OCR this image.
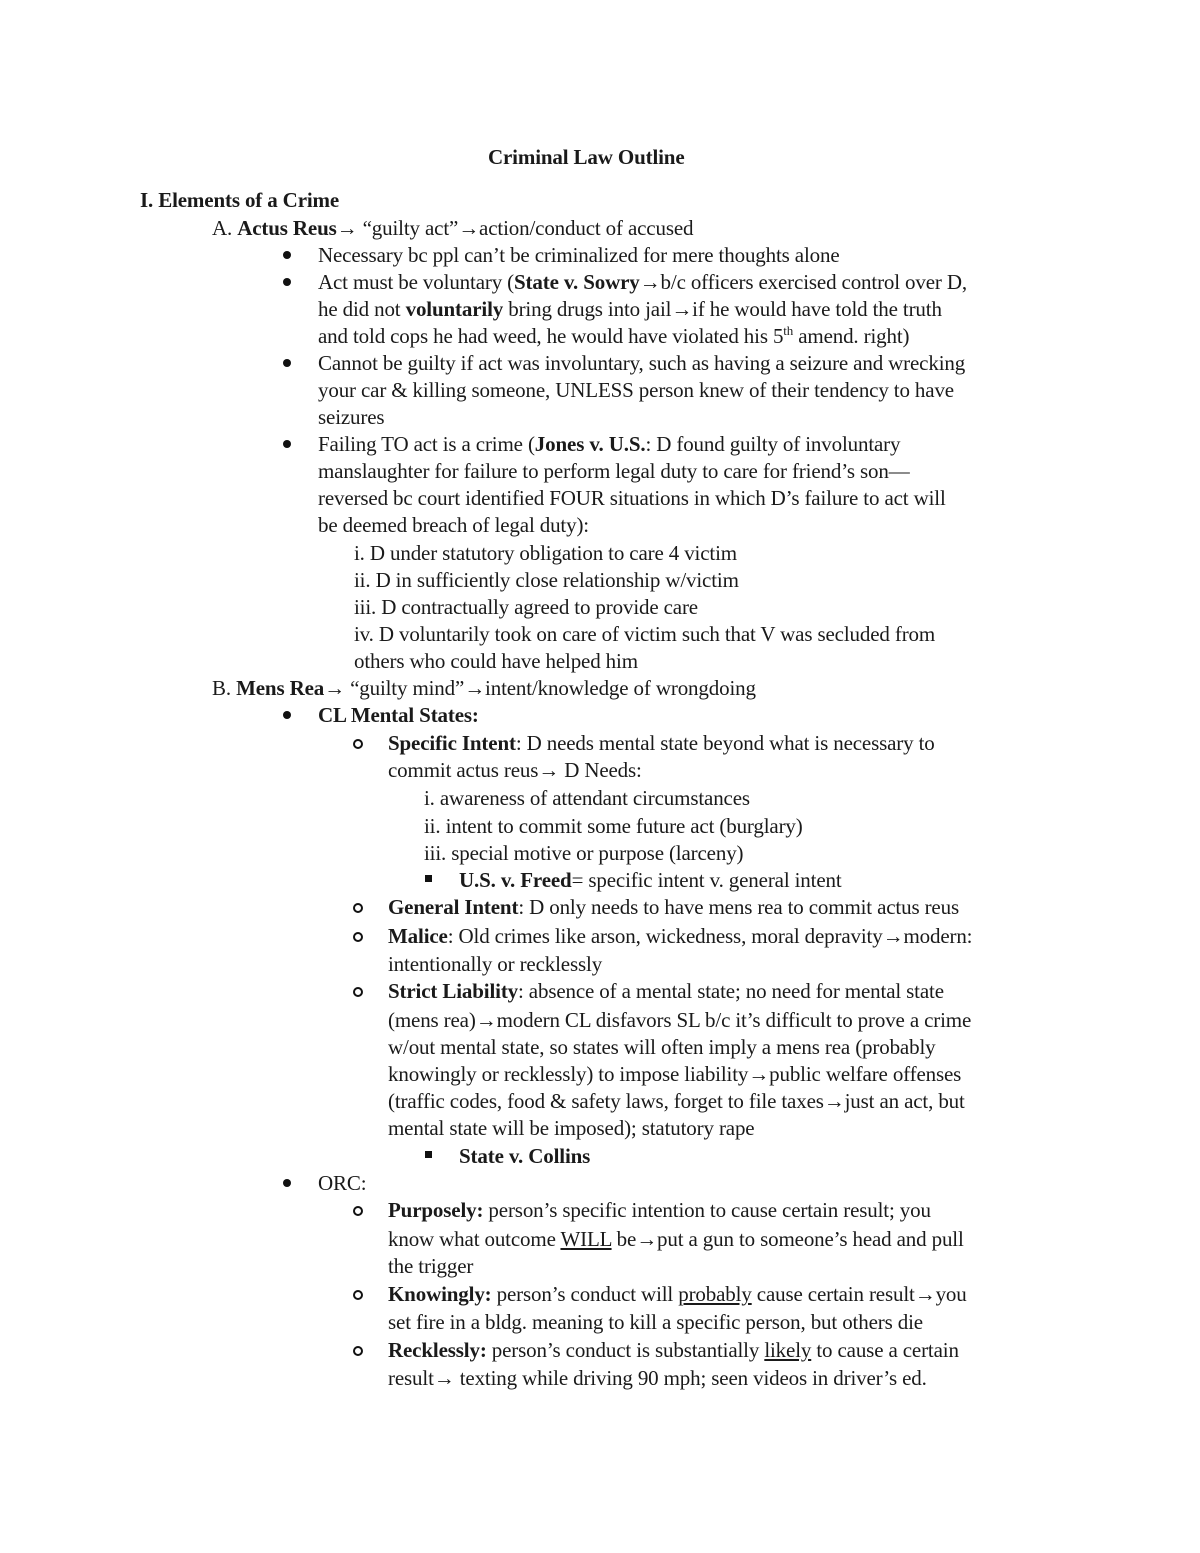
Criminal Law Outline
I. Elements of a Crime
A. Actus Reus→ “guilty act”→action/conduct of accused
Necessary bc ppl can’t be criminalized for mere thoughts alone
Act must be voluntary (State v. Sowry→b/c officers exercised control over D,
he did not voluntarily bring drugs into jail→if he would have told the truth
and told cops he had weed, he would have violated his 5th amend. right)
Cannot be guilty if act was involuntary, such as having a seizure and wrecking
your car & killing someone, UNLESS person knew of their tendency to have
seizures
Failing TO act is a crime (Jones v. U.S.: D found guilty of involuntary
manslaughter for failure to perform legal duty to care for friend’s son—
reversed bc court identified FOUR situations in which D’s failure to act will
be deemed breach of legal duty):
i. D under statutory obligation to care 4 victim
ii. D in sufficiently close relationship w/victim
iii. D contractually agreed to provide care
iv. D voluntarily took on care of victim such that V was secluded from
others who could have helped him
B. Mens Rea→ “guilty mind”→intent/knowledge of wrongdoing
CL Mental States:
Specific Intent: D needs mental state beyond what is necessary to
commit actus reus→ D Needs:
i. awareness of attendant circumstances
ii. intent to commit some future act (burglary)
iii. special motive or purpose (larceny)
U.S. v. Freed= specific intent v. general intent
General Intent: D only needs to have mens rea to commit actus reus
Malice: Old crimes like arson, wickedness, moral depravity→modern:
intentionally or recklessly
Strict Liability: absence of a mental state; no need for mental state
(mens rea)→modern CL disfavors SL b/c it’s difficult to prove a crime
w/out mental state, so states will often imply a mens rea (probably
knowingly or recklessly) to impose liability→public welfare offenses
(traffic codes, food & safety laws, forget to file taxes→just an act, but
mental state will be imposed); statutory rape
State v. Collins
ORC:
Purposely: person’s specific intention to cause certain result; you
know what outcome WILL be→put a gun to someone’s head and pull
the trigger
Knowingly: person’s conduct will probably cause certain result→you
set fire in a bldg. meaning to kill a specific person, but others die
Recklessly: person’s conduct is substantially likely to cause a certain
result→ texting while driving 90 mph; seen videos in driver’s ed.
